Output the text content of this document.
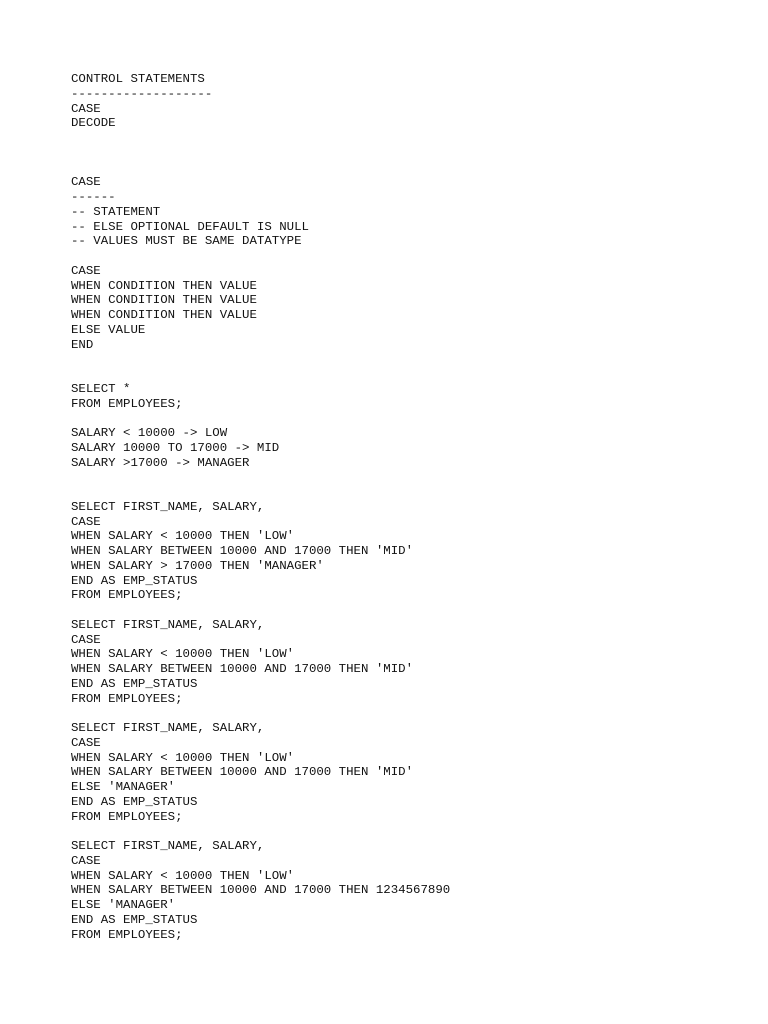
CONTROL STATEMENTS
-------------------
CASE
DECODE
CASE
------
-- STATEMENT
-- ELSE OPTIONAL DEFAULT IS NULL
-- VALUES MUST BE SAME DATATYPE
CASE
WHEN CONDITION THEN VALUE
WHEN CONDITION THEN VALUE
WHEN CONDITION THEN VALUE
ELSE VALUE
END
SELECT *
FROM EMPLOYEES;
SALARY < 10000 -> LOW
SALARY 10000 TO 17000 -> MID
SALARY >17000 -> MANAGER
SELECT FIRST_NAME, SALARY,
CASE
WHEN SALARY < 10000 THEN 'LOW'
WHEN SALARY BETWEEN 10000 AND 17000 THEN 'MID'
WHEN SALARY > 17000 THEN 'MANAGER'
END AS EMP_STATUS
FROM EMPLOYEES;
SELECT FIRST_NAME, SALARY,
CASE
WHEN SALARY < 10000 THEN 'LOW'
WHEN SALARY BETWEEN 10000 AND 17000 THEN 'MID'
END AS EMP_STATUS
FROM EMPLOYEES;
SELECT FIRST_NAME, SALARY,
CASE
WHEN SALARY < 10000 THEN 'LOW'
WHEN SALARY BETWEEN 10000 AND 17000 THEN 'MID'
ELSE 'MANAGER'
END AS EMP_STATUS
FROM EMPLOYEES;
SELECT FIRST_NAME, SALARY,
CASE
WHEN SALARY < 10000 THEN 'LOW'
WHEN SALARY BETWEEN 10000 AND 17000 THEN 1234567890
ELSE 'MANAGER'
END AS EMP_STATUS
FROM EMPLOYEES;
